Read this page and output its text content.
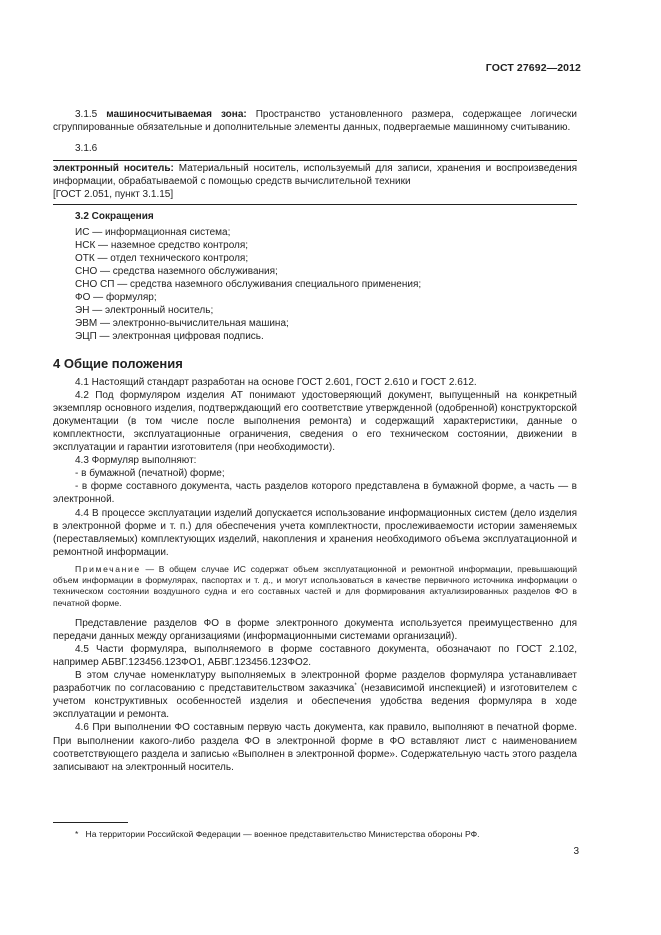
ГОСТ 27692—2012

3.1.5 машиносчитываемая зона: Пространство установленного размера, содержащее логически сгруппированные обязательные и дополнительные элементы данных, подвергаемые машинному считыванию.

3.1.6

электронный носитель: Материальный носитель, используемый для записи, хранения и воспроизведения информации, обрабатываемой с помощью средств вычислительной техники

[ГОСТ 2.051, пункт 3.1.15]

3.2 Сокращения

ИС — информационная система;
НСК — наземное средство контроля;
ОТК — отдел технического контроля;
СНО — средства наземного обслуживания;
СНО СП — средства наземного обслуживания специального применения;
ФО — формуляр;
ЭН — электронный носитель;
ЭВМ — электронно-вычислительная машина;
ЭЦП — электронная цифровая подпись.

4 Общие положения

4.1 Настоящий стандарт разработан на основе ГОСТ 2.601, ГОСТ 2.610 и ГОСТ 2.612.

4.2 Под формуляром изделия АТ понимают удостоверяющий документ, выпущенный на конкретный экземпляр основного изделия, подтверждающий его соответствие утвержденной (одобренной) конструкторской документации (в том числе после выполнения ремонта) и содержащий характеристики, данные о комплектности, эксплуатационные ограничения, сведения о его техническом состоянии, движении в эксплуатации и гарантии изготовителя (при необходимости).

4.3 Формуляр выполняют:

- в бумажной (печатной) форме;

- в форме составного документа, часть разделов которого представлена в бумажной форме, а часть — в электронной.

4.4 В процессе эксплуатации изделий допускается использование информационных систем (дело изделия в электронной форме и т. п.) для обеспечения учета комплектности, прослеживаемости истории заменяемых (переставляемых) комплектующих изделий, накопления и хранения необходимого объема эксплуатационной и ремонтной информации.

Примечание — В общем случае ИС содержат объем эксплуатационной и ремонтной информации, превышающий объем информации в формулярах, паспортах и т. д., и могут использоваться в качестве первичного источника информации о техническом состоянии воздушного судна и его составных частей и для формирования актуализированных разделов ФО в печатной форме.

Представление разделов ФО в форме электронного документа используется преимущественно для передачи данных между организациями (информационными системами организаций).

4.5 Части формуляра, выполняемого в форме составного документа, обозначают по ГОСТ 2.102, например АБВГ.123456.123ФО1, АБВГ.123456.123ФО2.

В этом случае номенклатуру выполняемых в электронной форме разделов формуляра устанавливает разработчик по согласованию с представительством заказчика* (независимой инспекцией) и изготовителем с учетом конструктивных особенностей изделия и обеспечения удобства ведения формуляра в ходе эксплуатации и ремонта.

4.6 При выполнении ФО составным первую часть документа, как правило, выполняют в печатной форме. При выполнении какого-либо раздела ФО в электронной форме в ФО вставляют лист с наименованием соответствующего раздела и записью «Выполнен в электронной форме». Содержательную часть этого раздела записывают на электронный носитель.

* На территории Российской Федерации — военное представительство Министерства обороны РФ.
3
